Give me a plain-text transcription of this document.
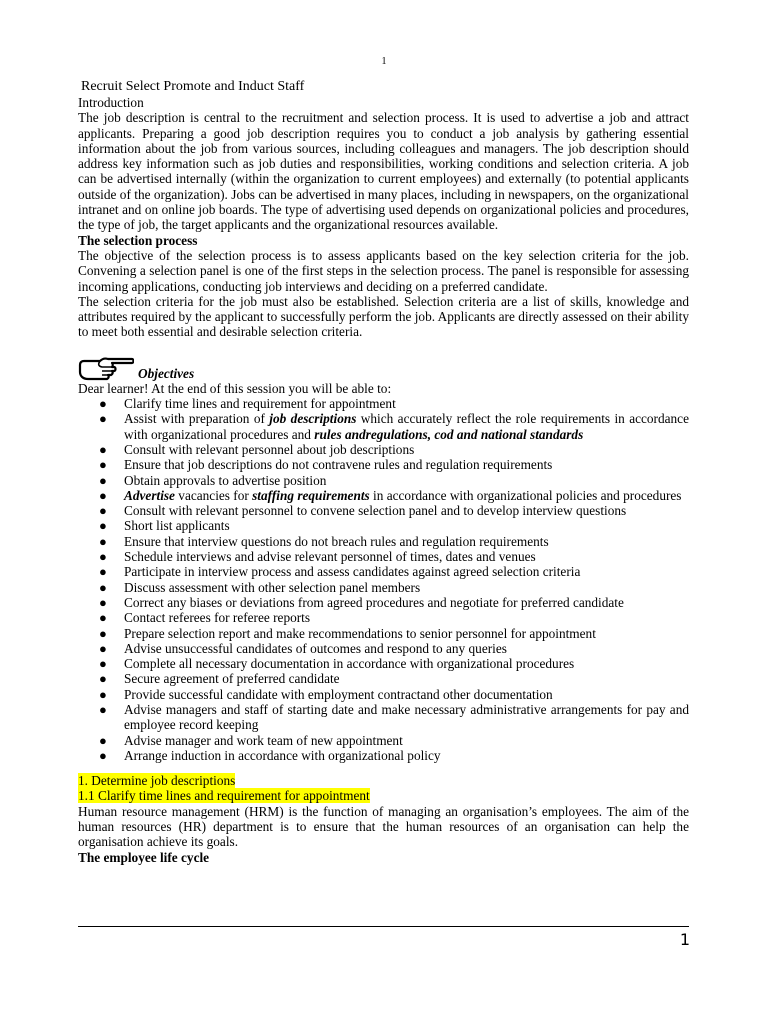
1

Recruit Select Promote and Induct Staff

Introduction

The job description is central to the recruitment and selection process. It is used to advertise a job and attract applicants. Preparing a good job description requires you to conduct a job analysis by gathering essential information about the job from various sources, including colleagues and managers. The job description should address key information such as job duties and responsibilities, working conditions and selection criteria. A job can be advertised internally (within the organization to current employees) and externally (to potential applicants outside of the organization). Jobs can be advertised in many places, including in newspapers, on the organizational intranet and on online job boards. The type of advertising used depends on organizational policies and procedures, the type of job, the target applicants and the organizational resources available.

The selection process

The objective of the selection process is to assess applicants based on the key selection criteria for the job. Convening a selection panel is one of the first steps in the selection process. The panel is responsible for assessing incoming applications, conducting job interviews and deciding on a preferred candidate.

The selection criteria for the job must also be established. Selection criteria are a list of skills, knowledge and attributes required by the applicant to successfully perform the job. Applicants are directly assessed on their ability to meet both essential and desirable selection criteria.

Objectives

Dear learner! At the end of this session you will be able to:

● Clarify time lines and requirement for appointment
● Assist with preparation of job descriptions which accurately reflect the role requirements in accordance with organizational procedures and rules andregulations, cod and national standards
● Consult with relevant personnel about job descriptions
● Ensure that job descriptions do not contravene rules and regulation requirements
● Obtain approvals to advertise position
● Advertise vacancies for staffing requirements in accordance with organizational policies and procedures
● Consult with relevant personnel to convene selection panel and to develop interview questions
● Short list applicants
● Ensure that interview questions do not breach rules and regulation requirements
● Schedule interviews and advise relevant personnel of times, dates and venues
● Participate in interview process and assess candidates against agreed selection criteria
● Discuss assessment with other selection panel members
● Correct any biases or deviations from agreed procedures and negotiate for preferred candidate
● Contact referees for referee reports
● Prepare selection report and make recommendations to senior personnel for appointment
● Advise unsuccessful candidates of outcomes and respond to any queries
● Complete all necessary documentation in accordance with organizational procedures
● Secure agreement of preferred candidate
● Provide successful candidate with employment contractand other documentation
● Advise managers and staff of starting date and make necessary administrative arrangements for pay and employee record keeping
● Advise manager and work team of new appointment
● Arrange induction in accordance with organizational policy
1. Determine job descriptions
1.1 Clarify time lines and requirement for appointment

Human resource management (HRM) is the function of managing an organisation’s employees. The aim of the human resources (HR) department is to ensure that the human resources of an organisation can help the organisation achieve its goals.

The employee life cycle

1
